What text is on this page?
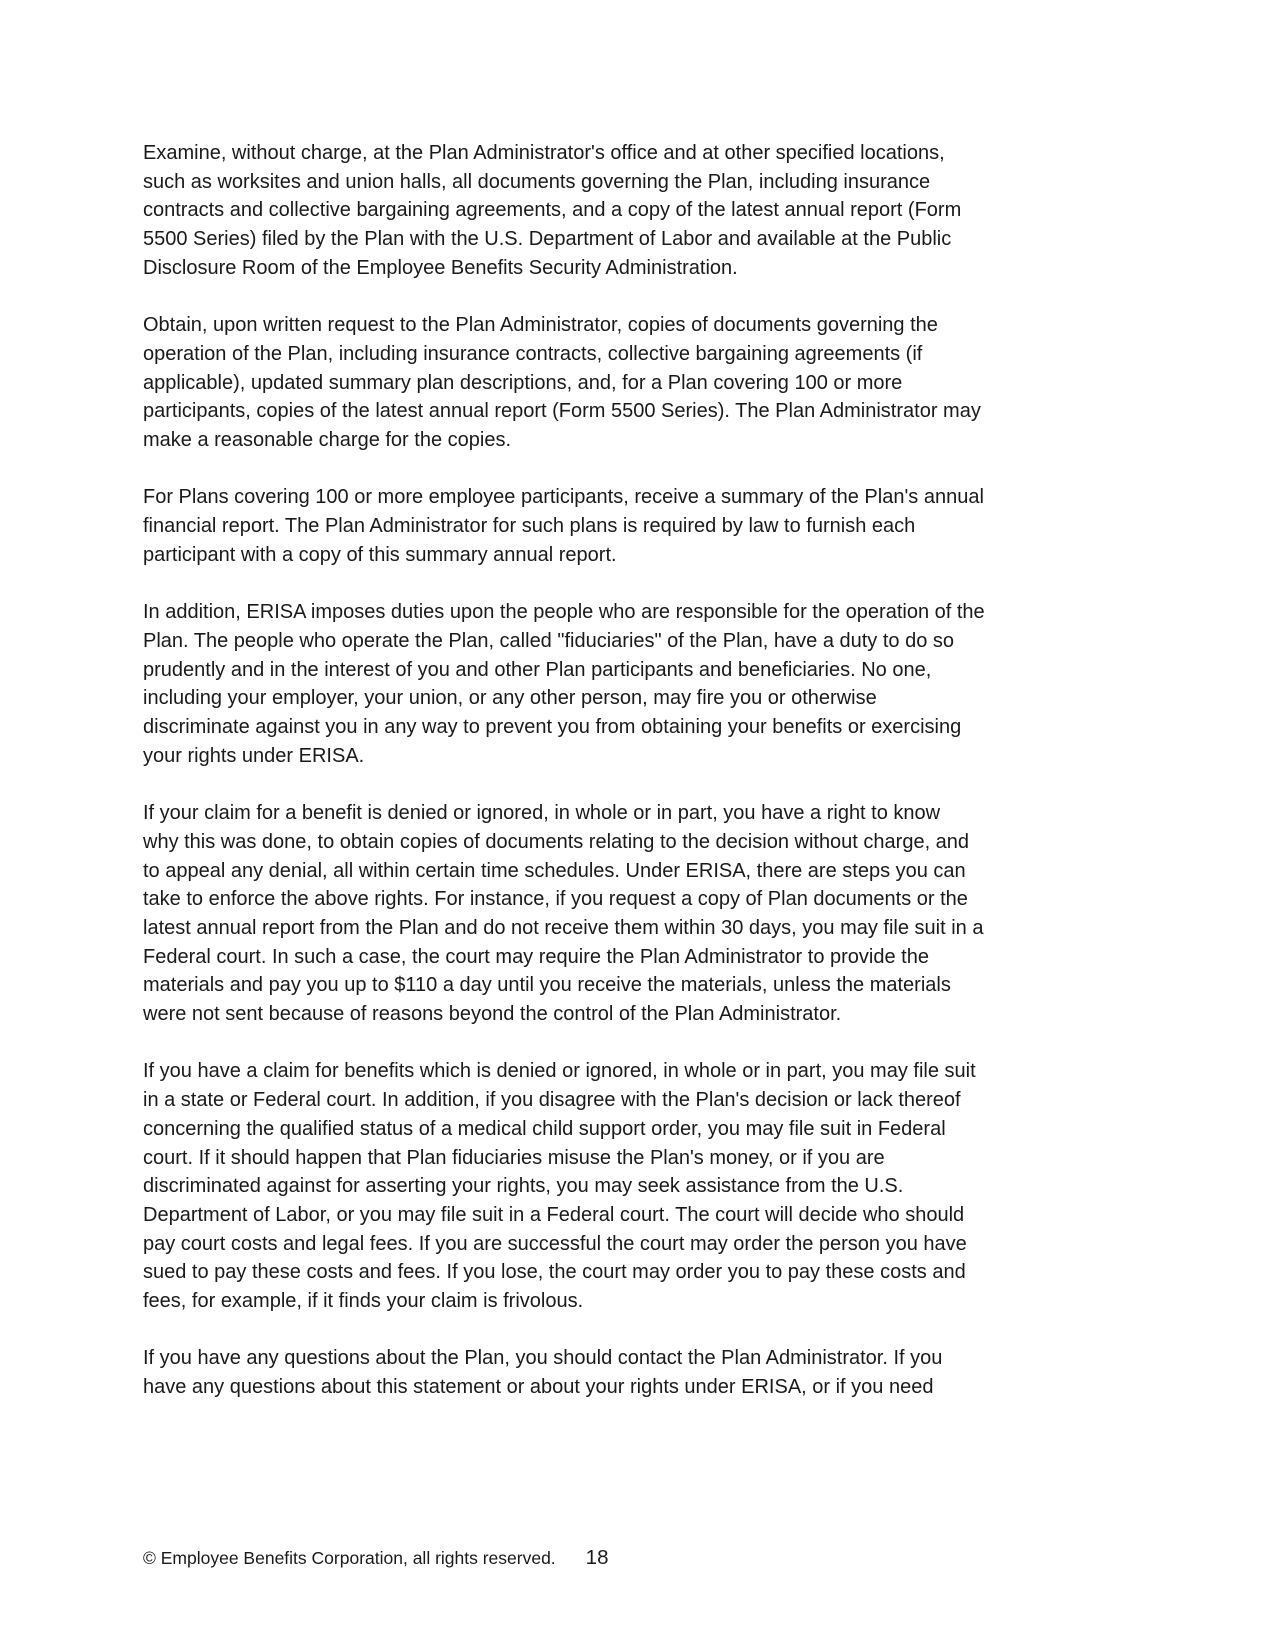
Examine, without charge, at the Plan Administrator's office and at other specified locations,
such as worksites and union halls, all documents governing the Plan, including insurance
contracts and collective bargaining agreements, and a copy of the latest annual report (Form
5500 Series) filed by the Plan with the U.S. Department of Labor and available at the Public
Disclosure Room of the Employee Benefits Security Administration.

Obtain, upon written request to the Plan Administrator, copies of documents governing the
operation of the Plan, including insurance contracts, collective bargaining agreements (if
applicable), updated summary plan descriptions, and, for a Plan covering 100 or more
participants, copies of the latest annual report (Form 5500 Series). The Plan Administrator may
make a reasonable charge for the copies.

For Plans covering 100 or more employee participants, receive a summary of the Plan's annual
financial report. The Plan Administrator for such plans is required by law to furnish each
participant with a copy of this summary annual report.

In addition, ERISA imposes duties upon the people who are responsible for the operation of the
Plan. The people who operate the Plan, called "fiduciaries" of the Plan, have a duty to do so
prudently and in the interest of you and other Plan participants and beneficiaries. No one,
including your employer, your union, or any other person, may fire you or otherwise
discriminate against you in any way to prevent you from obtaining your benefits or exercising
your rights under ERISA.

If your claim for a benefit is denied or ignored, in whole or in part, you have a right to know
why this was done, to obtain copies of documents relating to the decision without charge, and
to appeal any denial, all within certain time schedules. Under ERISA, there are steps you can
take to enforce the above rights. For instance, if you request a copy of Plan documents or the
latest annual report from the Plan and do not receive them within 30 days, you may file suit in a
Federal court. In such a case, the court may require the Plan Administrator to provide the
materials and pay you up to $110 a day until you receive the materials, unless the materials
were not sent because of reasons beyond the control of the Plan Administrator.

If you have a claim for benefits which is denied or ignored, in whole or in part, you may file suit
in a state or Federal court. In addition, if you disagree with the Plan's decision or lack thereof
concerning the qualified status of a medical child support order, you may file suit in Federal
court. If it should happen that Plan fiduciaries misuse the Plan's money, or if you are
discriminated against for asserting your rights, you may seek assistance from the U.S.
Department of Labor, or you may file suit in a Federal court. The court will decide who should
pay court costs and legal fees. If you are successful the court may order the person you have
sued to pay these costs and fees. If you lose, the court may order you to pay these costs and
fees, for example, if it finds your claim is frivolous.

If you have any questions about the Plan, you should contact the Plan Administrator. If you
have any questions about this statement or about your rights under ERISA, or if you need

© Employee Benefits Corporation, all rights reserved. 18
